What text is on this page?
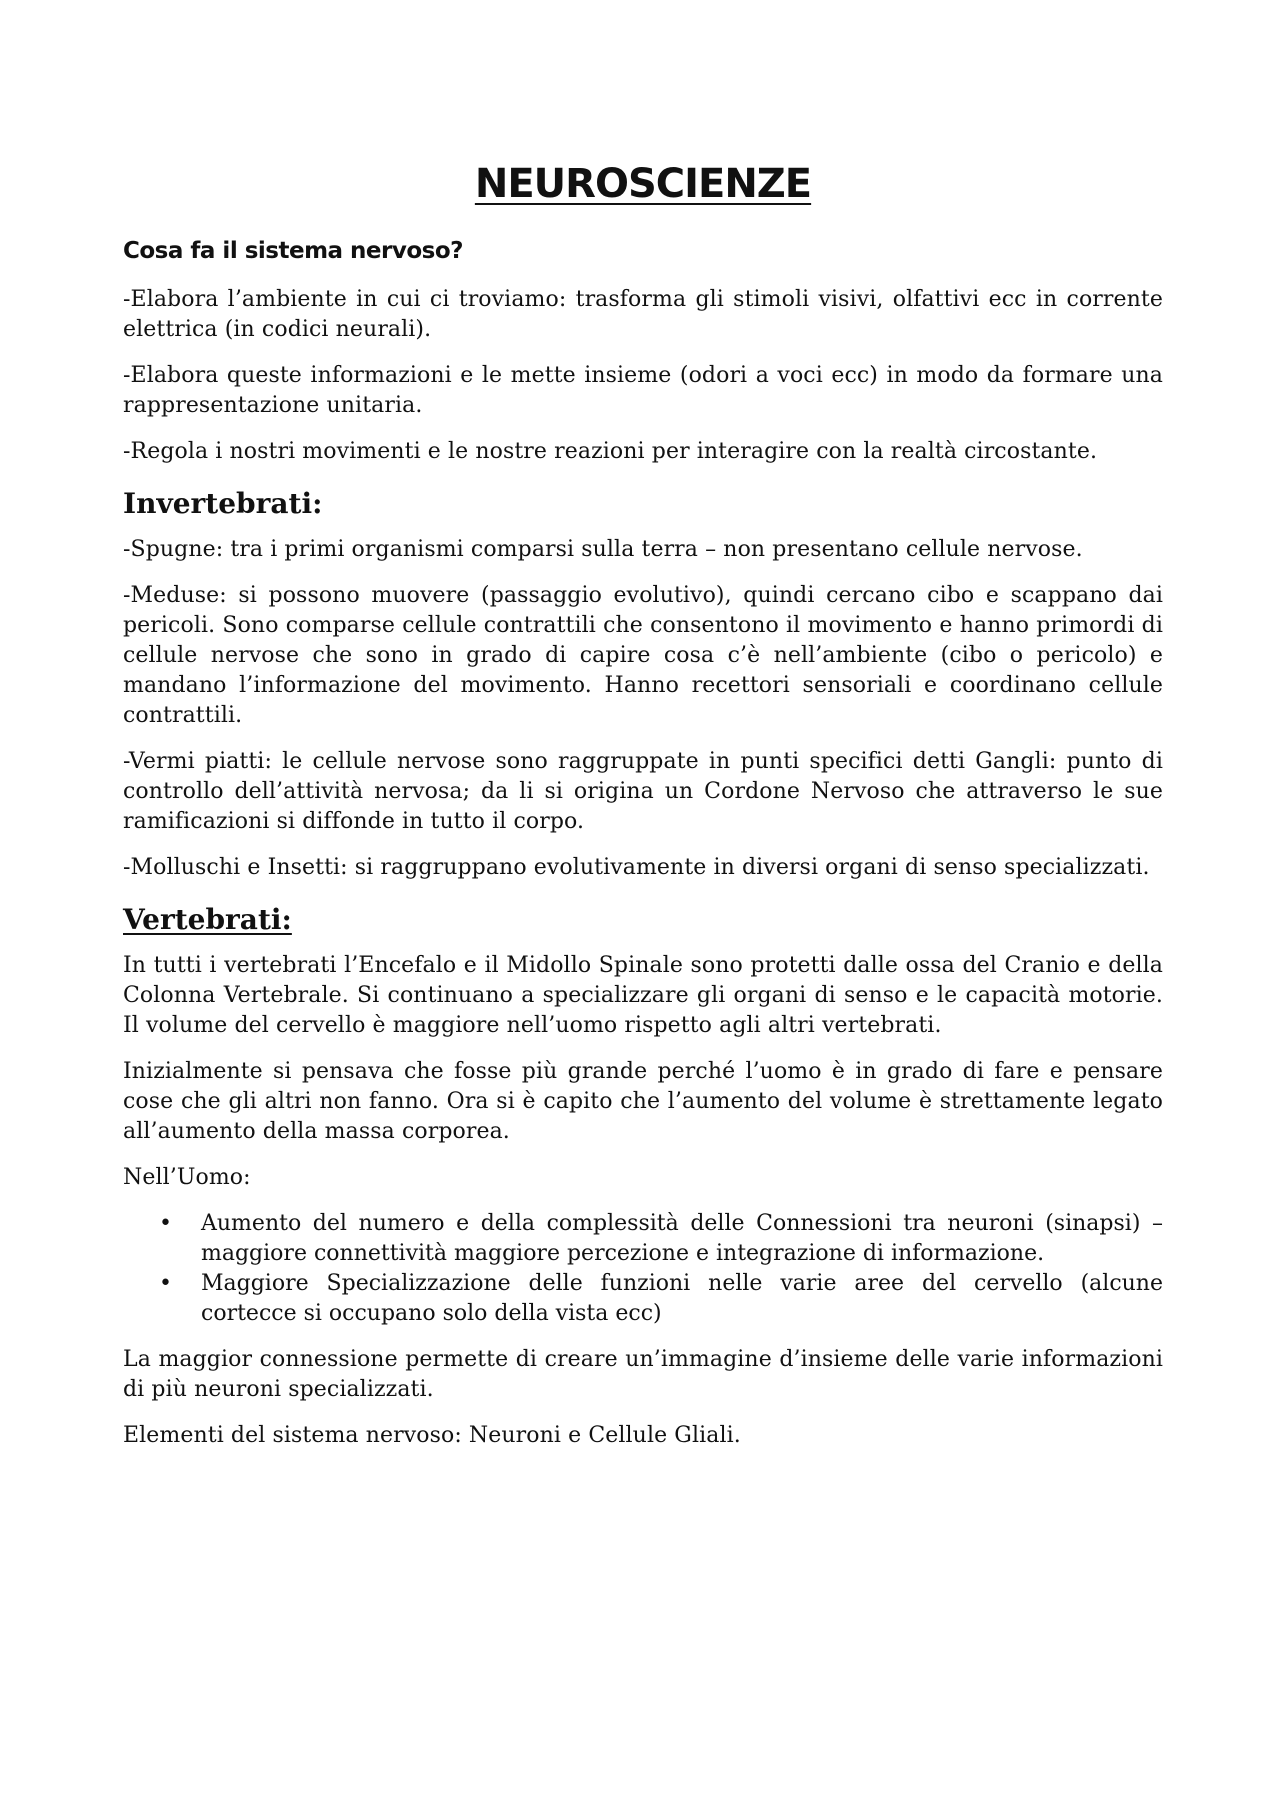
NEUROSCIENZE
Cosa fa il sistema nervoso?

-Elabora l’ambiente in cui ci troviamo: trasforma gli stimoli visivi, olfattivi ecc in corrente elettrica (in codici neurali).

-Elabora queste informazioni e le mette insieme (odori a voci ecc) in modo da formare una rappresentazione unitaria.

-Regola i nostri movimenti e le nostre reazioni per interagire con la realtà circostante.

Invertebrati:

-Spugne: tra i primi organismi comparsi sulla terra – non presentano cellule nervose.

-Meduse: si possono muovere (passaggio evolutivo), quindi cercano cibo e scappano dai pericoli. Sono comparse cellule contrattili che consentono il movimento e hanno primordi di cellule nervose che sono in grado di capire cosa c’è nell’ambiente (cibo o pericolo) e mandano l’informazione del movimento. Hanno recettori sensoriali e coordinano cellule contrattili.

-Vermi piatti: le cellule nervose sono raggruppate in punti specifici detti Gangli: punto di controllo dell’attività nervosa; da li si origina un Cordone Nervoso che attraverso le sue ramificazioni si diffonde in tutto il corpo.

-Molluschi e Insetti: si raggruppano evolutivamente in diversi organi di senso specializzati.

Vertebrati:

In tutti i vertebrati l’Encefalo e il Midollo Spinale sono protetti dalle ossa del Cranio e della Colonna Vertebrale. Si continuano a specializzare gli organi di senso e le capacità motorie. Il volume del cervello è maggiore nell’uomo rispetto agli altri vertebrati.

Inizialmente si pensava che fosse più grande perché l’uomo è in grado di fare e pensare cose che gli altri non fanno. Ora si è capito che l’aumento del volume è strettamente legato all’aumento della massa corporea.

Nell’Uomo:

• Aumento del numero e della complessità delle Connessioni tra neuroni (sinapsi) – maggiore connettività maggiore percezione e integrazione di informazione.
• Maggiore Specializzazione delle funzioni nelle varie aree del cervello (alcune cortecce si occupano solo della vista ecc)

La maggior connessione permette di creare un’immagine d’insieme delle varie informazioni di più neuroni specializzati.

Elementi del sistema nervoso: Neuroni e Cellule Gliali.
